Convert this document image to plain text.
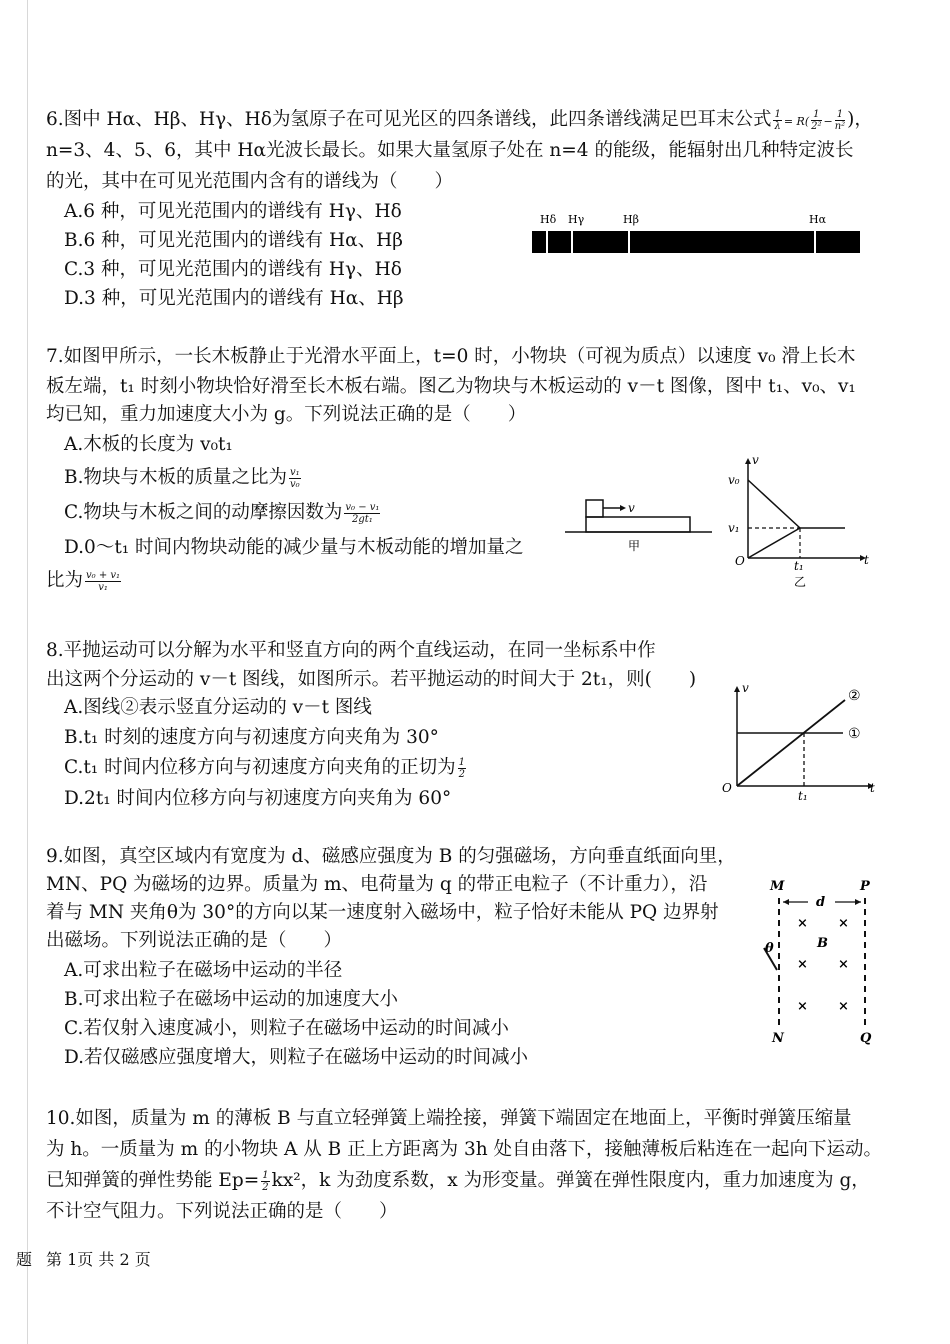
6.图中 Hα、Hβ、Hγ、Hδ为氢原子在可见光区的四条谱线，此四条谱线满足巴耳末公式 $\frac{1}{\lambda} = R( \frac{1}{\text{2²}} - \frac{1}{\text{n²}}$ )，
n=3、4、5、6，其中 Hα光波长最长。如果大量氢原子处在 n=4 的能级，能辐射出几种特定波长
的光，其中在可见光范围内含有的谱线为（　　）
A.6 种，可见光范围内的谱线有 Hγ、Hδ
B.6 种，可见光范围内的谱线有 Hα、Hβ
C.3 种，可见光范围内的谱线有 Hγ、Hδ
D.3 种，可见光范围内的谱线有 Hα、Hβ
Hδ Hγ	Hβ	Hα
7.如图甲所示，一长木板静止于光滑水平面上，t=0 时，小物块（可视为质点）以速度 v₀ 滑上长木
板左端，t₁ 时刻小物块恰好滑至长木板右端。图乙为物块与木板运动的 v－t 图像，图中 t₁、v₀、v₁
均已知，重力加速度大小为 g。下列说法正确的是（　　）
A.木板的长度为 v₀t₁
B.物块与木板的质量之比为 $\frac{\text{v₁}}{\text{v₀}}$
C.物块与木板之间的动摩擦因数为 $\frac{\text{v₀ − v₁}}{\text{2gt₁}}$
D.0～t₁ 时间内物块动能的减少量与木板动能的增加量之
比为 $\frac{\text{v₀ + v₁}}{\text{v₁}}$
v
甲
v
v₀
v₁
O	t₁	t
乙
8.平抛运动可以分解为水平和竖直方向的两个直线运动，在同一坐标系中作
出这两个分运动的 v－t 图线，如图所示。若平抛运动的时间大于 2t₁，则(　　)
A.图线②表示竖直分运动的 v－t 图线
B.t₁ 时刻的速度方向与初速度方向夹角为 30°
C.t₁ 时间内位移方向与初速度方向夹角的正切为 $\frac{1}{2}$
D.2t₁ 时间内位移方向与初速度方向夹角为 60°
v
O
t₁
t
①
②
9.如图，真空区域内有宽度为 d、磁感应强度为 B 的匀强磁场，方向垂直纸面向里，
MN、PQ 为磁场的边界。质量为 m、电荷量为 q 的带正电粒子（不计重力），沿
着与 MN 夹角θ为 30°的方向以某一速度射入磁场中，粒子恰好未能从 PQ 边界射
出磁场。下列说法正确的是（　　）
A.可求出粒子在磁场中运动的半径
B.可求出粒子在磁场中运动的加速度大小
C.若仅射入速度减小，则粒子在磁场中运动的时间减小
D.若仅磁感应强度增大，则粒子在磁场中运动的时间减小
× ×
× ×
× ×
M	P
N	Q
d
B
θ
10.如图，质量为 m 的薄板 B 与直立轻弹簧上端拴接，弹簧下端固定在地面上，平衡时弹簧压缩量
为 h。一质量为 m 的小物块 A 从 B 正上方距离为 3h 处自由落下，接触薄板后粘连在一起向下运动。
已知弹簧的弹性势能 $Ep= \frac{1}{2} kx^2$，k 为劲度系数，x 为形变量。弹簧在弹性限度内，重力加速度为 g，
不计空气阻力。下列说法正确的是（　　）
题 第 1页 共 2 页
